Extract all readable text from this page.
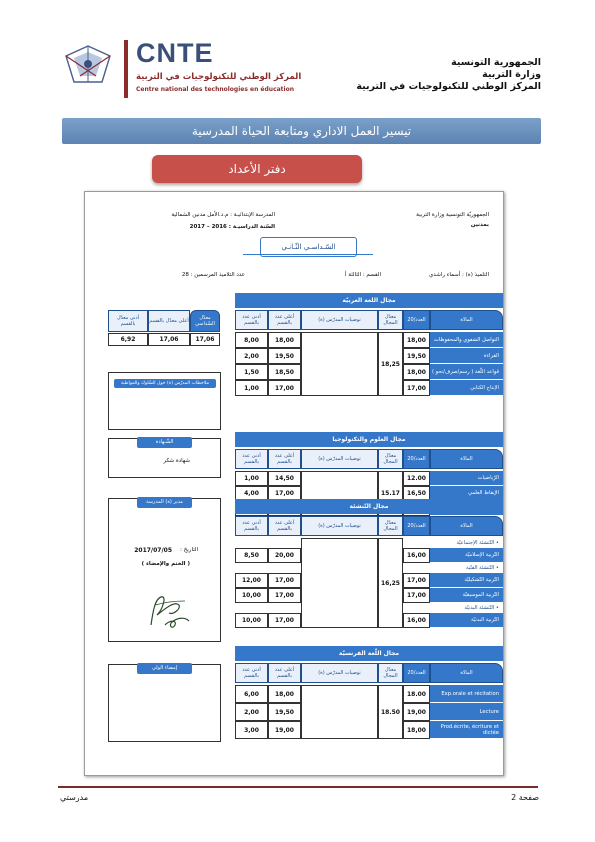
CNTE
المركز الوطني للتكنولوجيات في التربية
Centre national des technologies en éducation
الجمهورية التونسية
وزارة التربية
المركز الوطني للتكنولوجيات في التربية
تيسير العمل الاداري ومتابعة الحياة المدرسية
دفتر الأعداد
الجمهوريّة التونسية وزارة التربية
بمدنين
المدرسة الإبتدائيـة : م.د.الأمل مدنين الشمالية
السّنة الدراسيـة : 2016 – 2017
السّـداسـي الثّـانـي
التلميذ (ة) : أسماء راشدي
القسم : الثالثة أ
عدد التلاميذ المرسمين : 28
مجال اللغة العربيّة
المادّة
العدد/20
معدّل المجال
توصيات المدرّس (ة)
أعلى عدد بالقسم
أدنى عدد بالقسم
التواصل الشفوي والمحفوظات
18,00
18,00
8,00
القراءة
19,50
19,50
2,00
قواعد اللّغة ( رسم/صرف/نحو )
18,00
18,50
1,50
الإنتاج الكتابي
17,00
17,00
1,00
18,25
مجال العلوم والتكنولوجيا
المادّة
العدد/20
معدّل المجال
توصيات المدرّس (ة)
أعلى عدد بالقسم
أدنى عدد بالقسم
الرّياضيات
12.00
14,50
1,00
الإيقاظ العلمي
16,50
17,00
4,00	15.17
مجال التّنشئة
المادّة
العدد/20
معدّل المجال
توصيات المدرّس (ة)
أعلى عدد بالقسم
أدنى عدد بالقسم
• التّنشئة الإجتماعيّة
التّربية الإسلاميّة
16,00
20,00
8,50
• التّنشئة الفنّية
التّربية التّشكيليّة
17,00
17,00
12,00
التّربية الموسيقيّة
17,00
17,00
10,00
• التّنشئة البدنيّة
التّربية البدنيّة
16,00
17,00
10,00
16,25
مجال اللّغة الفرنسيّة
المادّة
العدد/20
معدّل المجال
توصيات المدرّس (ة)
أعلى عدد بالقسم
أدنى عدد بالقسم
Exp.orale et récitation
18.00
18,00
6,00
Lecture
19,00
19,50
2,00
Prod.écrite, écriture et dictée
18,00
19,00
3,00
18.50
معدّل السّداسي
أعلى معدّل بالقسم
أدنى معدّل بالقسم
17,06
17,06
6,92
ملاحظات المدرّس (ة) حول السّلوك والمواظبة
الشّـهادة
شهادة شكر
مدير (ة) المدرسة
التاريخ :
2017/07/05
( الختم والإمضاء )
إمضاء الولي
مدرستي	صفحة 2
